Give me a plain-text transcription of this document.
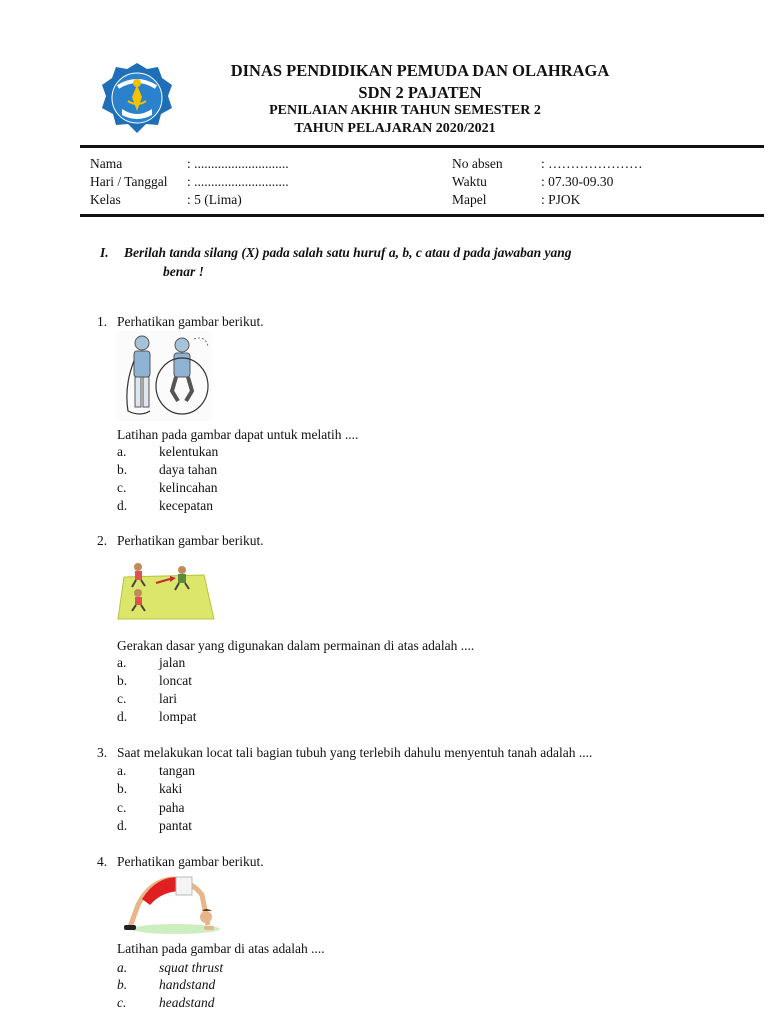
DINAS PENDIDIKAN PEMUDA DAN OLAHRAGA
SDN 2 PAJATEN
PENILAIAN AKHIR TAHUN SEMESTER 2
TAHUN PELAJARAN 2020/2021
Nama	: ............................
Hari / Tanggal : ............................
Kelas	: 5 (Lima)
No absen	: …………………
Waktu	: 07.30-09.30
Mapel	: PJOK
I. Berilah tanda silang (X) pada salah satu huruf a, b, c atau d pada jawaban yang
benar !
1. Perhatikan gambar berikut.
Latihan pada gambar dapat untuk melatih ....
a. kelentukan
b. daya tahan
c. kelincahan
d. kecepatan
2. Perhatikan gambar berikut.
Gerakan dasar yang digunakan dalam permainan di atas adalah ....
a. jalan
b. loncat
c. lari
d. lompat
3. Saat melakukan locat tali bagian tubuh yang terlebih dahulu menyentuh tanah adalah ....
a. tangan
b. kaki
c. paha
d. pantat
4. Perhatikan gambar berikut.
Latihan pada gambar di atas adalah ....
a. squat thrust
b. handstand
c. headstand
